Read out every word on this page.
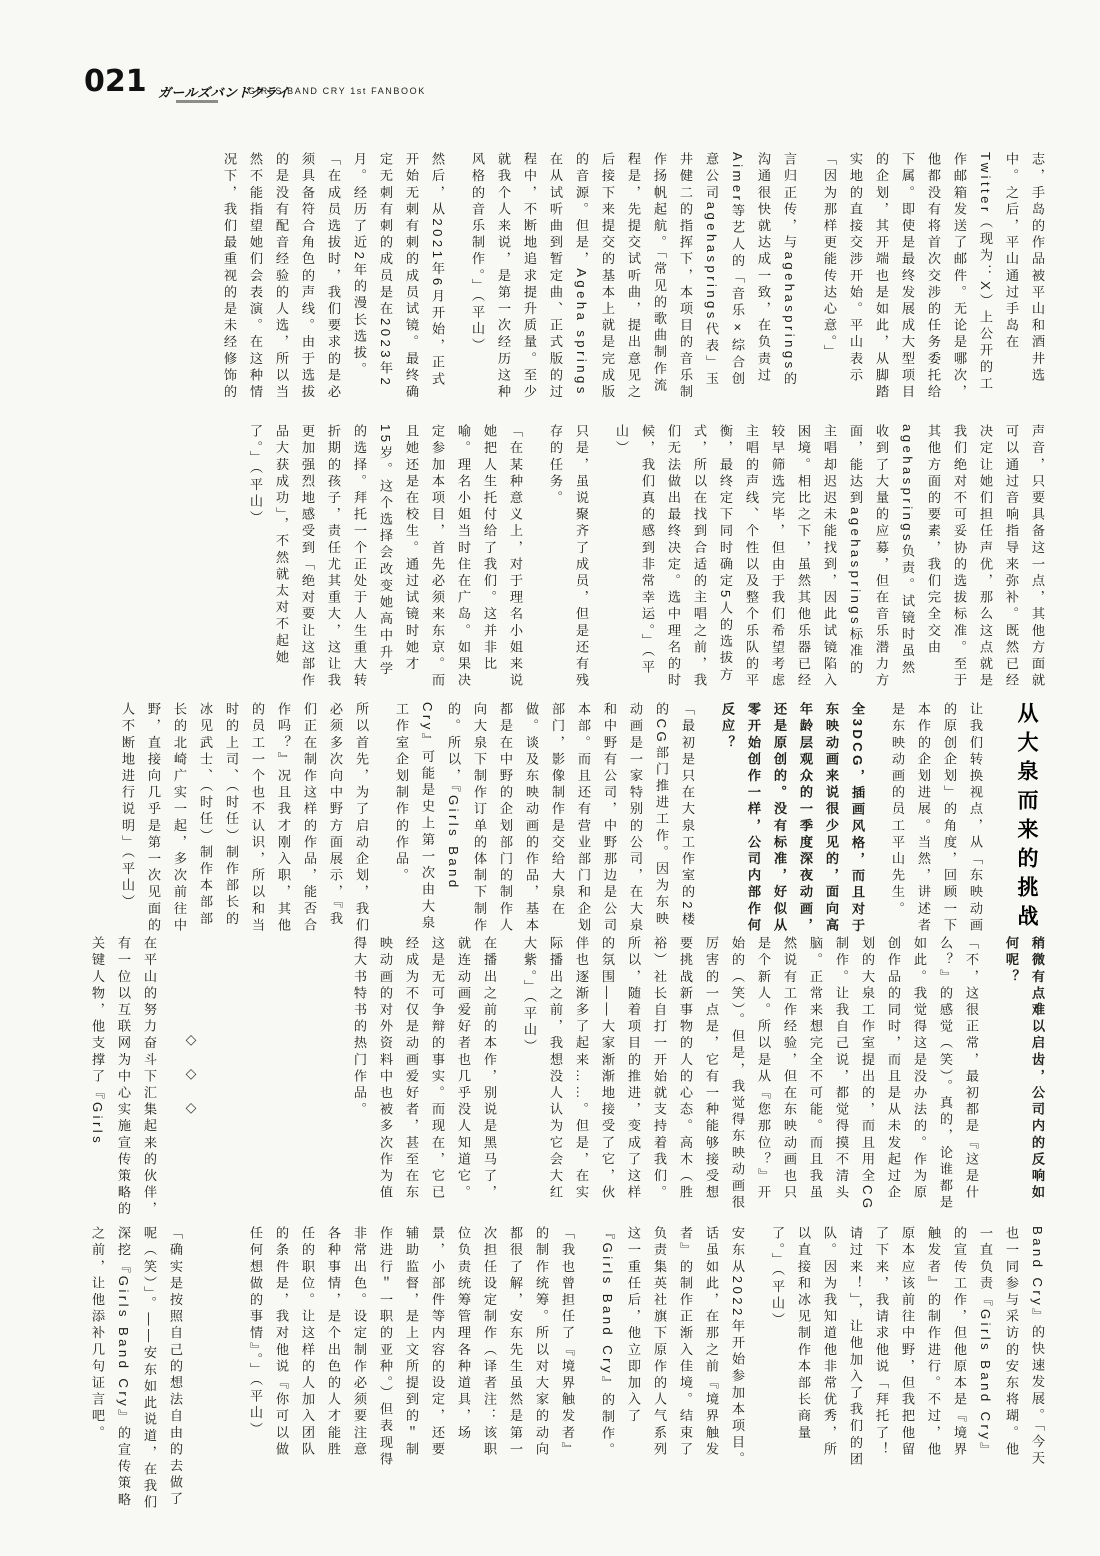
021 ガールズバンドクライ
GIRLS BAND CRY 1st FANBOOK

志，手岛的作品被平山和酒井选中。之后，平山通过手岛在Twitter（现为：X）上公开的工作邮箱发送了邮件。无论是哪次，他都没有将首次交涉的任务委托给下属。即使是最终发展成大型项目的企划，其开端也是如此，从脚踏实地的直接交涉开始。平山表示「因为那样更能传达心意。」

言归正传，与agehasprings的沟通很快就达成一致，在负责过Aimer等艺人的「音乐×综合创意公司agehasprings代表」玉井健二的指挥下，本项目的音乐制作扬帆起航。「常见的歌曲制作流程是，先提交试听曲，提出意见之后接下来提交的基本上就是完成版的音源。但是，Ageha springs在从试听曲到暂定曲、正式版的过程中，不断地追求提升质量。至少就我个人来说，是第一次经历这种风格的音乐制作。」（平山）

然后，从2021年6月开始，正式开始无刺有刺的成员试镜。最终确定无刺有刺的成员是在2023年2月。经历了近2年的漫长选拔。「在成员选拔时，我们要求的是必须具备符合角色的声线。由于选拔的是没有配音经验的人选，所以当然不能指望她们会表演。在这种情况下，我们最重视的是未经修饰的

声音，只要具备这一点，其他方面就可以通过音响指导来弥补。既然已经决定让她们担任声优，那么这点就是我们绝对不可妥协的选拔标准。至于其他方面的要素，我们完全交由agehasprings负责。试镜时虽然收到了大量的应募，但在音乐潜力方面，能达到agehasprings标准的主唱却迟迟未能找到，因此试镜陷入困境。相比之下，虽然其他乐器已经较早筛选完毕，但由于我们希望考虑主唱的声线、个性以及整个乐队的平衡，最终定下同时确定5人的选拔方式，所以在找到合适的主唱之前，我们无法做出最终决定。选中理名的时候，我们真的感到非常幸运。」（平山）

只是，虽说聚齐了成员，但是还有残存的任务。

「在某种意义上，对于理名小姐来说她把人生托付给了我们。这并非比喻。理名小姐当时住在广岛。如果决定参加本项目，首先必须来东京。而且她还是在校生。通过试镜时她才15岁。这个选择会改变她高中升学的选择。拜托一个正处于人生重大转折期的孩子，责任尤其重大，这让我更加强烈地感受到「绝对要让这部作品大获成功」，不然就太对不起她了。」（平山）

从大泉而来的挑战

让我们转换视点，从「东映动画的原创企划」的角度，回顾一下本作的企划进展。当然，讲述者是东映动画的员工平山先生。

全3DCG，插画风格，而且对于东映动画来说很少见的，面向高年龄层观众的一季度深夜动画，还是原创的。没有标准，好似从零开始创作一样，公司内部作何反应？

「最初是只在大泉工作室的2楼的CG部门推进工作。因为东映动画是一家特别的公司，在大泉和中野有公司，中野那边是公司本部。而且还有营业部门和企划部门，影像制作是交给大泉在做。谈及东映动画的作品，基本都是在中野的企划部门的制作人向大泉下制作订单的体制下制作的。所以，『Girls Band Cry』可能是史上第一次由大泉工作室企划制作的作品。

所以首先，为了启动企划，我们必须多次向中野方面展示，『我们正在制作这样的作品，能否合作吗？』况且我才刚入职，其他的员工一个也不认识，所以和当时的上司、（时任）制作部长的冰见武士、（时任）制作本部部长的北崎广实一起，多次前往中野，直接向几乎是第一次见面的人不断地进行说明」（平山）

稍微有点难以启齿，公司内的反响如何呢？

「不，这很正常，最初都是『这是什么？』的感觉（笑）。真的，论谁都是如此。我觉得这是没办法的。作为原创作品的同时，而且是从未发起过企划的大泉工作室提出的，而且用全CG制作。让我自己说，都觉得摸不清头脑。正常来想完全不可能。而且我虽然说有工作经验，但在东映动画也只是个新人。所以是从『您那位？』开始的（笑）。但是，我觉得东映动画很厉害的一点是，它有一种能够接受想要挑战新事物的人的心态。高木（胜裕）社长自打一开始就支持着我们。所以，随着项目的推进，变成了这样的氛围——大家渐渐地接受了它，伙伴也逐渐多了起来……。但是，在实际播出之前，我想没人认为它会大红大紫。」（平山）

在播出之前的本作，别说是黑马了，就连动画爱好者也几乎没人知道它。这是无可争辩的事实。而现在，它已经成为不仅是动画爱好者，甚至在东映动画的对外资料中也被多次作为值得大书特书的热门作品。

Band Cry』的快速发展。「今天也一同参与采访的安东将瑚。他一直负责『Girls Band Cry』的宣传工作，但他原本是『境界触发者』的制作进行。不过，他原本应该前往中野，但我把他留了下来，我请求他说「拜托了！请过来！」，让他加入了我们的团队。因为我知道他非常优秀，所以直接和冰见制作本部长商量了。」（平山）

安东从2022年开始参加本项目。话虽如此，在那之前『境界触发者』的制作正渐入佳境。结束了负责集英社旗下原作的人气系列这一重任后，他立即加入了『Girls Band Cry』的制作。

「我也曾担任了『境界触发者』的制作统筹。所以对大家的动向都很了解，安东先生虽然是第一次担任设定制作（译者注：该职位负责统筹管理各种道具，场景，小部件等内容的设定，还要辅助监督，是上文所提到的＂制作进行＂一职的亚种。）但表现得非常出色。设定制作必须要注意各种事情，是个出色的人才能胜任的职位。让这样的人加入团队的条件是，我对他说『你可以做任何想做的事情』。」（平山）

◇◇◇

在平山的努力奋斗下汇集起来的伙伴，有一位以互联网为中心实施宣传策略的关键人物，他支撑了『Girls

「确实是按照自己的想法自由的去做了呢（笑）」。——安东如此说道，在我们深挖『Girls Band Cry』的宣传策略之前，让他添补几句证言吧。
